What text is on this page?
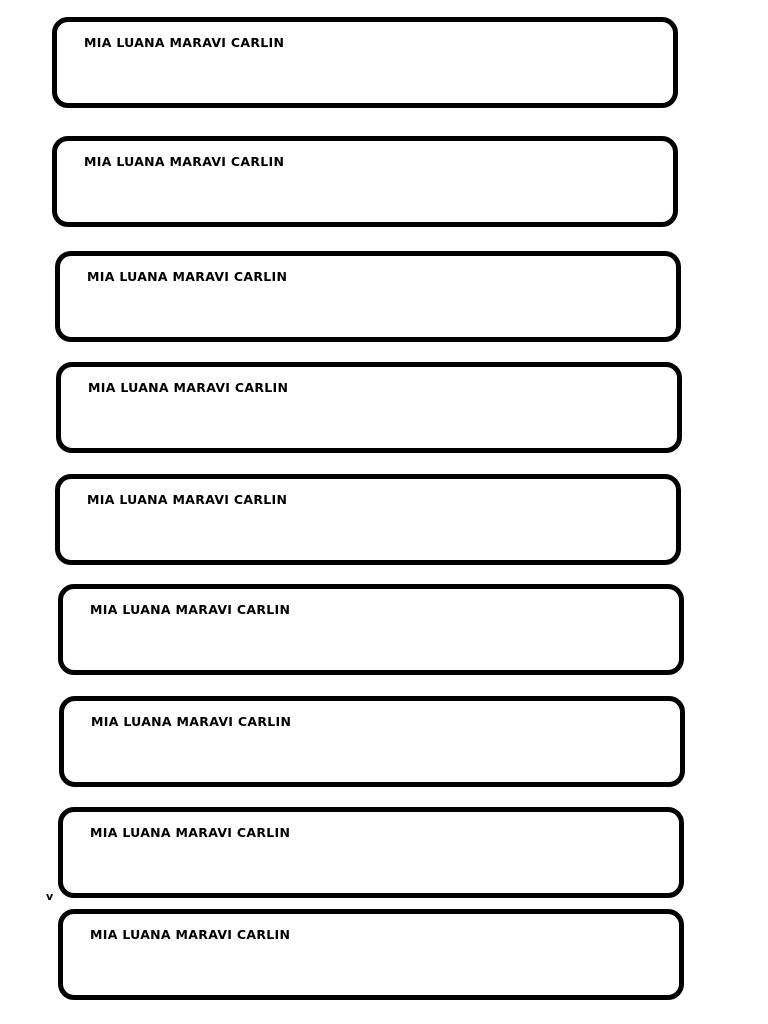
MIA LUANA MARAVI CARLIN
MIA LUANA MARAVI CARLIN
MIA LUANA MARAVI CARLIN
MIA LUANA MARAVI CARLIN
MIA LUANA MARAVI CARLIN
MIA LUANA MARAVI CARLIN
MIA LUANA MARAVI CARLIN
MIA LUANA MARAVI CARLIN
MIA LUANA MARAVI CARLIN
v
